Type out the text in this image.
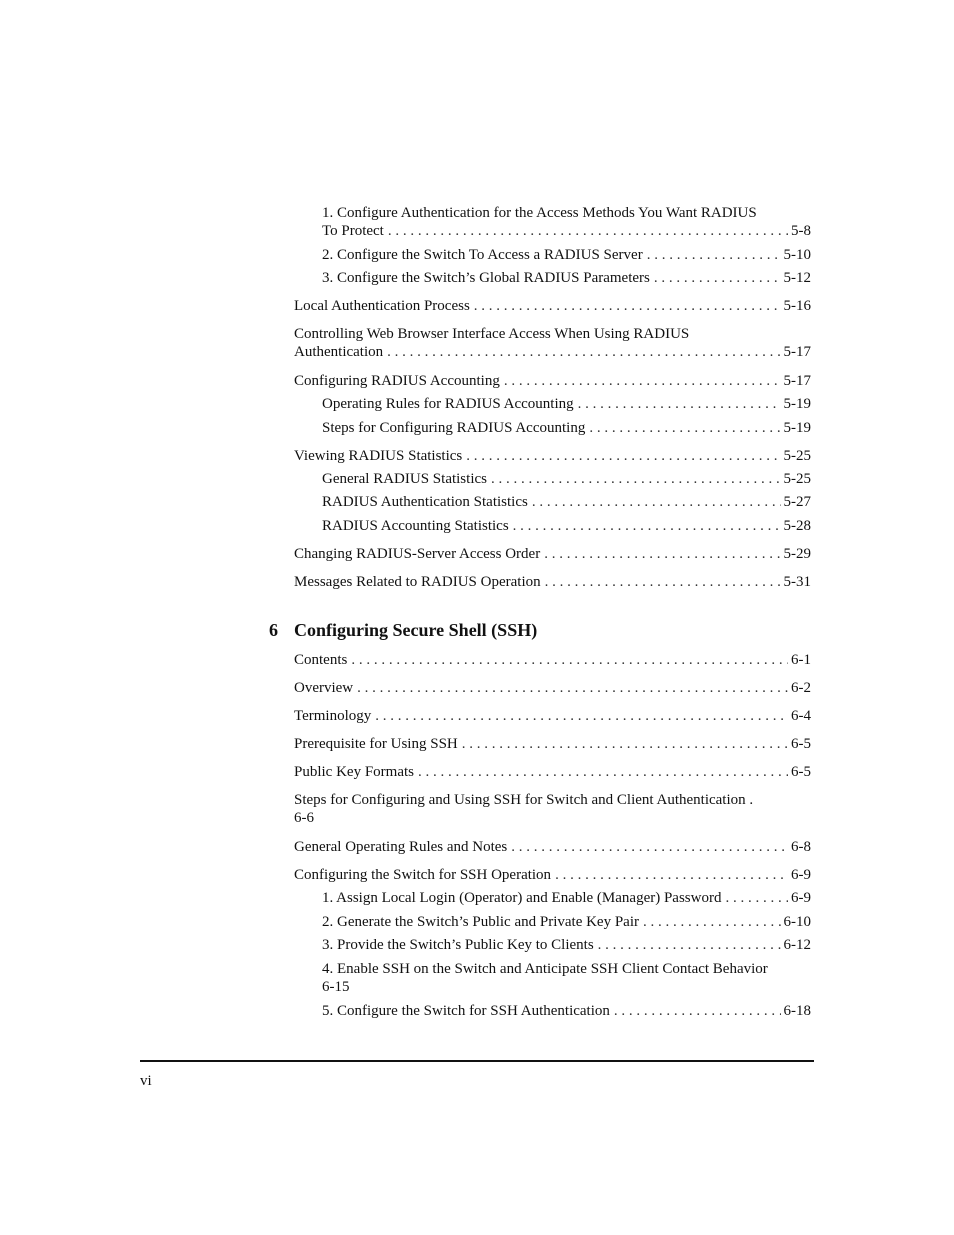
1. Configure Authentication for the Access Methods You Want RADIUS
To Protect . . .	5-8
2. Configure the Switch To Access a RADIUS Server . . .	5-10
3. Configure the Switch’s Global RADIUS Parameters . . .	5-12
Local Authentication Process . . .	5-16
Controlling Web Browser Interface Access When Using RADIUS
Authentication . . .	5-17
Configuring RADIUS Accounting . . .	5-17
Operating Rules for RADIUS Accounting . . .	5-19
Steps for Configuring RADIUS Accounting . . .	5-19
Viewing RADIUS Statistics . . .	5-25
General RADIUS Statistics . . .	5-25
RADIUS Authentication Statistics . . .	5-27
RADIUS Accounting Statistics . . .	5-28
Changing RADIUS-Server Access Order . . .	5-29
Messages Related to RADIUS Operation . . .	5-31
6 Configuring Secure Shell (SSH)
Contents . . .	6-1
Overview . . .	6-2
Terminology . . .	6-4
Prerequisite for Using SSH . . .	6-5
Public Key Formats . . .	6-5
Steps for Configuring and Using SSH for Switch and Client Authentication .
6-6
General Operating Rules and Notes . . .	6-8
Configuring the Switch for SSH Operation . . .	6-9
1. Assign Local Login (Operator) and Enable (Manager) Password . . .	6-9
2. Generate the Switch’s Public and Private Key Pair . . .	6-10
3. Provide the Switch’s Public Key to Clients . . .	6-12
4. Enable SSH on the Switch and Anticipate SSH Client Contact Behavior
6-15
5. Configure the Switch for SSH Authentication . . .	6-18
vi
